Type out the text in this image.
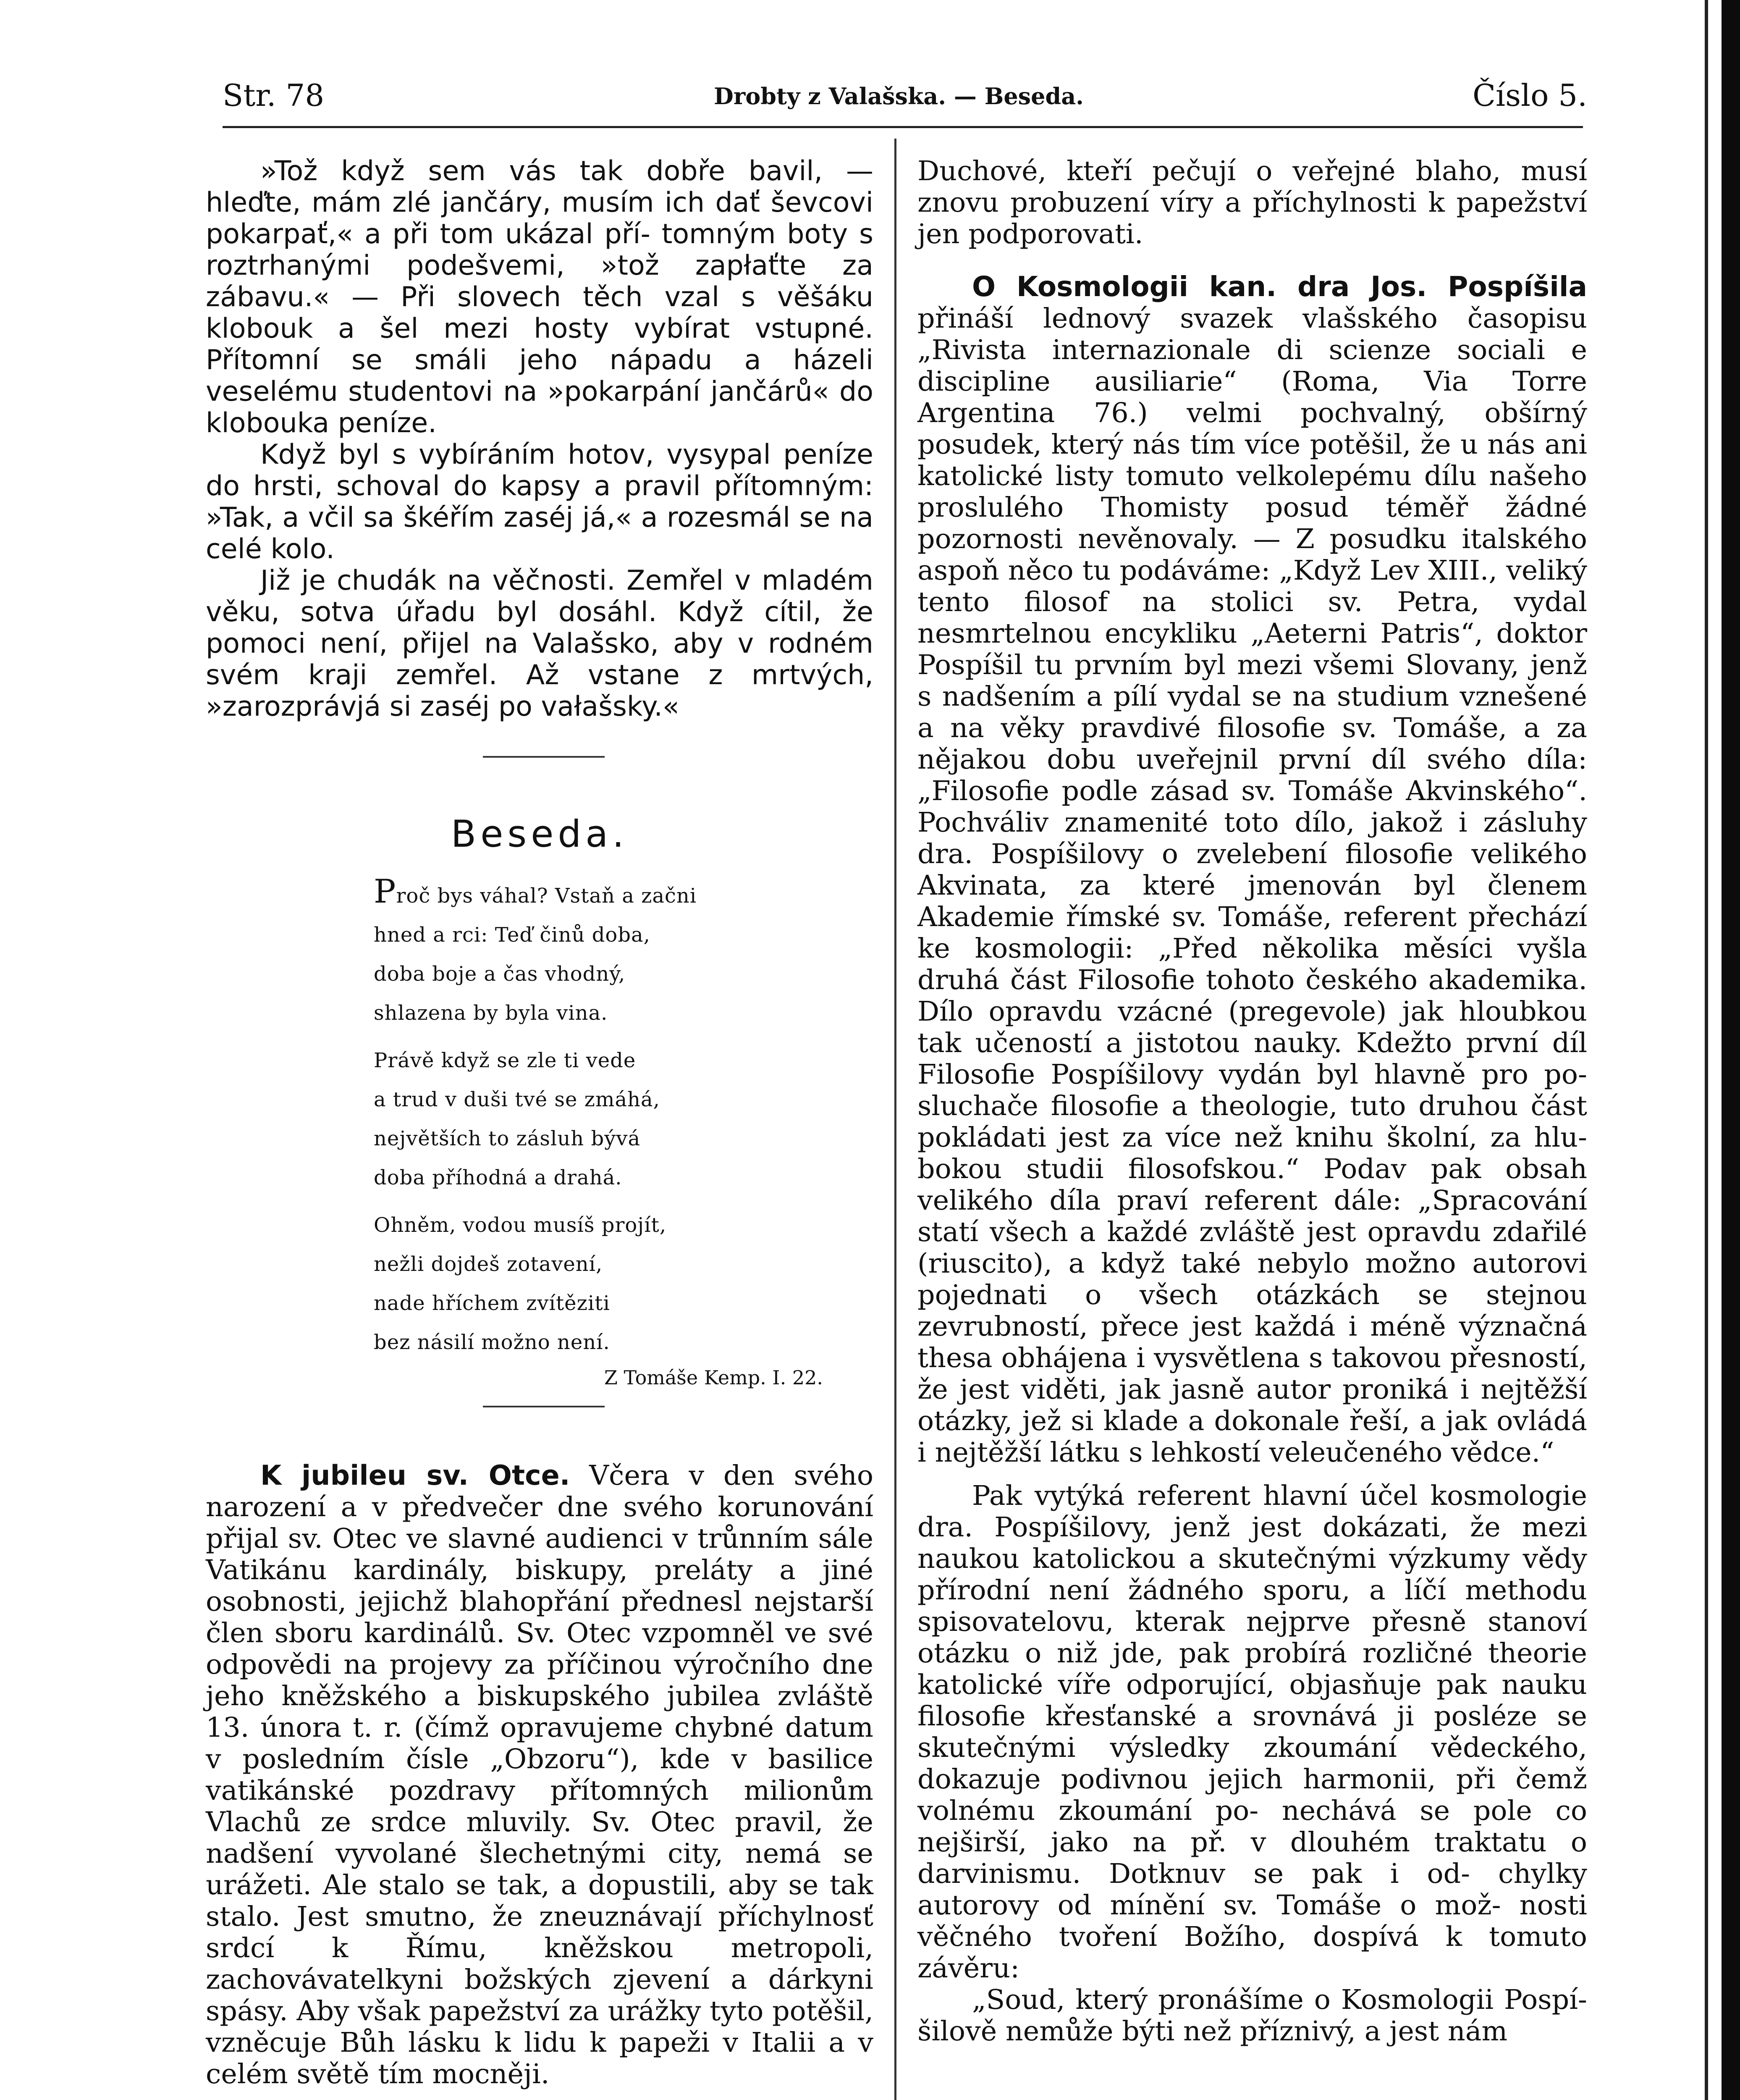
Str. 78	Drobty z Valašska. — Beseda.	Číslo 5.
»Tož když sem vás tak dobře bavil, — hleďte, mám zlé jančáry, musím ich dať ševcovi pokarpať,« a při tom ukázal pří- tomným boty s roztrhanými podešvemi, »tož zapłaťte za zábavu.« — Při slovech těch vzal s věšáku klobouk a šel mezi hosty vybírat vstupné. Přítomní se smáli jeho nápadu a házeli veselému studentovi na »pokarpání jančárů« do klobouka peníze.
Když byl s vybíráním hotov, vysypal peníze do hrsti, schoval do kapsy a pravil přítomným: »Tak, a včil sa škéřím zaséj já,« a rozesmál se na celé kolo.
Již je chudák na věčnosti. Zemřel v mladém věku, sotva úřadu byl dosáhl. Když cítil, že pomoci není, přijel na Valašsko, aby v rodném svém kraji zemřel. Až vstane z mrtvých, »zarozprávjá si zaséj po vałašsky.«
Beseda.
Proč bys váhal? Vstaň a začni
hned a rci: Teď činů doba,
doba boje a čas vhodný,
shlazena by byla vina.
Právě když se zle ti vede
a trud v duši tvé se zmáhá,
největších to zásluh bývá
doba příhodná a drahá.
Ohněm, vodou musíš projít,
nežli dojdeš zotavení,
nade hříchem zvítěziti
bez násilí možno není.
Z Tomáše Kemp. I. 22.
K jubileu sv. Otce. Včera v den svého narození a v předvečer dne svého korunování přijal sv. Otec ve slavné audienci v trůnním sále Vatikánu kardinály, biskupy, preláty a jiné osobnosti, jejichž blahopřání přednesl nejstarší člen sboru kardinálů. Sv. Otec vzpomněl ve své odpovědi na projevy za příčinou výročního dne jeho kněžského a biskupského jubilea zvláště 13. února t. r. (čímž opravujeme chybné datum v posledním čísle „Obzoru“), kde v basilice vatikánské pozdravy přítomných milionům Vlachů ze srdce mluvily. Sv. Otec pravil, že nadšení vyvolané šlechetnými city, nemá se urážeti. Ale stalo se tak, a dopustili, aby se tak stalo. Jest smutno, že zneuznávají příchylnosť srdcí k Římu, kněžskou metropoli, zachovávatelkyni božských zjevení a dárkyni spásy. Aby však papežství za urážky tyto potěšil, vzněcuje Bůh lásku k lidu k papeži v Italii a v celém světě tím mocněji.
Duchové, kteří pečují o veřejné blaho, musí znovu probuzení víry a příchylnosti k papežství jen podporovati.
O Kosmologii kan. dra Jos. Pospíšila přináší lednový svazek vlašského časopisu „Rivista internazionale di scienze sociali e discipline ausiliarie“ (Roma, Via Torre Argentina 76.) velmi pochvalný, obšírný posudek, který nás tím více potěšil, že u nás ani katolické listy tomuto velkolepému dílu našeho proslulého Thomisty posud téměř žádné pozornosti nevěnovaly. — Z posudku italského aspoň něco tu podáváme: „Když Lev XIII., veliký tento filosof na stolici sv. Petra, vydal nesmrtelnou encykliku „Aeterni Patris“, doktor Pospíšil tu prvním byl mezi všemi Slovany, jenž s nadšením a pílí vydal se na studium vznešené a na věky pravdivé filosofie sv. Tomáše, a za nějakou dobu uveřejnil první díl svého díla: „Filosofie podle zásad sv. Tomáše Akvinského“. Pochváliv znamenité toto dílo, jakož i zásluhy dra. Pospíšilovy o zvelebení filosofie velikého Akvinata, za které jmenován byl členem Akademie římské sv. Tomáše, referent přechází ke kosmologii: „Před několika měsíci vyšla druhá část Filosofie tohoto českého akademika. Dílo opravdu vzácné (pregevole) jak hloubkou tak učeností a jistotou nauky. Kdežto první díl Filosofie Pospíšilovy vydán byl hlavně pro po- sluchače filosofie a theologie, tuto druhou část pokládati jest za více než knihu školní, za hlu- bokou studii filosofskou.“ Podav pak obsah velikého díla praví referent dále: „Spracování statí všech a každé zvláště jest opravdu zdařilé (riuscito), a když také nebylo možno autorovi pojednati o všech otázkách se stejnou zevrubností, přece jest každá i méně význačná thesa obhájena i vysvětlena s takovou přesností, že jest viděti, jak jasně autor proniká i nejtěžší otázky, jež si klade a dokonale řeší, a jak ovládá i nejtěžší látku s lehkostí veleučeného vědce.“
Pak vytýká referent hlavní účel kosmologie dra. Pospíšilovy, jenž jest dokázati, že mezi naukou katolickou a skutečnými výzkumy vědy přírodní není žádného sporu, a líčí methodu spisovatelovu, kterak nejprve přesně stanoví otázku o niž jde, pak probírá rozličné theorie katolické víře odporující, objasňuje pak nauku filosofie křesťanské a srovnává ji posléze se skutečnými výsledky zkoumání vědeckého, dokazuje podivnou jejich harmonii, při čemž volnému zkoumání po- nechává se pole co nejširší, jako na př. v dlouhém traktatu o darvinismu. Dotknuv se pak i od- chylky autorovy od mínění sv. Tomáše o mož- nosti věčného tvoření Božího, dospívá k tomuto závěru:
„Soud, který pronášíme o Kosmologii Pospí- šilově nemůže býti než příznivý, a jest nám
